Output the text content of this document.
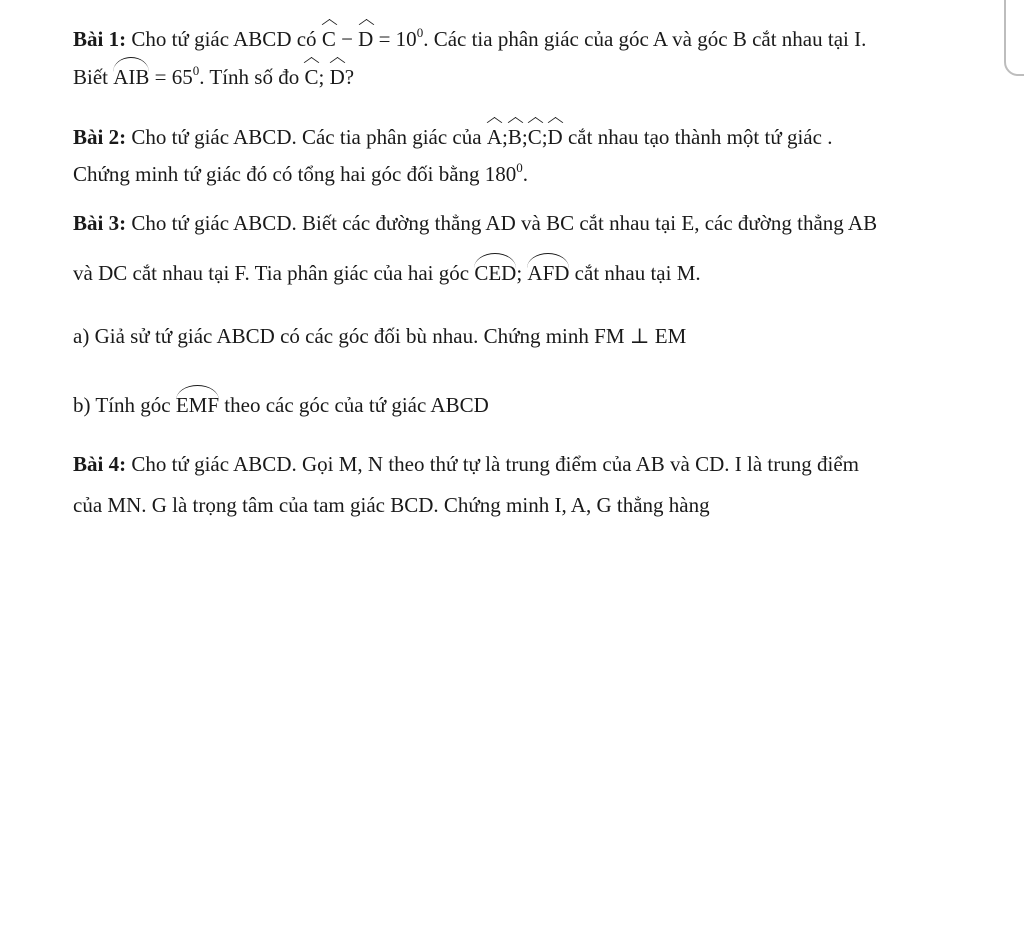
Bài 1: Cho tứ giác ABCD có $C - D = 10^0$. Các tia phân giác của góc A và góc B cắt nhau tại I.
Biết AIB = $65^0$. Tính số đo C; D?
Bài 2: Cho tứ giác ABCD. Các tia phân giác của A;B;C;D cắt nhau tạo thành một tứ giác .
Chứng minh tứ giác đó có tổng hai góc đối bằng $180^0$.
Bài 3: Cho tứ giác ABCD. Biết các đường thẳng AD và BC cắt nhau tại E, các đường thẳng AB
và DC cắt nhau tại F. Tia phân giác của hai góc CED; AFD cắt nhau tại M.
a) Giả sử tứ giác ABCD có các góc đối bù nhau. Chứng minh FM ⊥ EM
b) Tính góc EMF theo các góc của tứ giác ABCD
Bài 4: Cho tứ giác ABCD. Gọi M, N theo thứ tự là trung điểm của AB và CD. I là trung điểm
của MN. G là trọng tâm của tam giác BCD. Chứng minh I, A, G thẳng hàng
